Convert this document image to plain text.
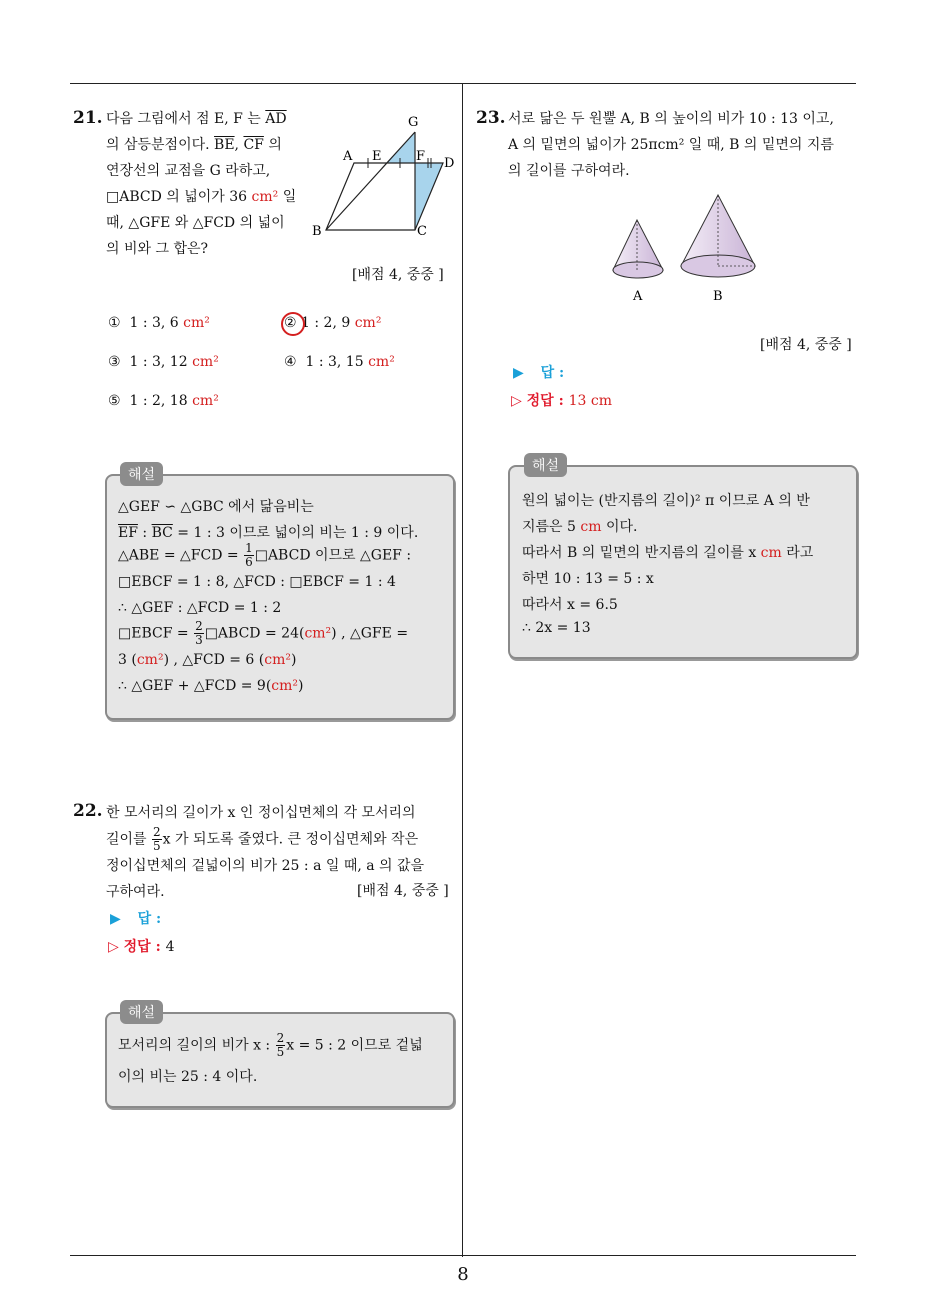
21. 다음 그림에서 점 E, F 는 $\overline{AD}$
의 삼등분점이다. $\overline{BE}$, $\overline{CF}$ 의
연장선의 교점을 G 라하고,
□ABCD 의 넓이가 36 cm² 일
때, △GFE 와 △FCD 의 넓이
의 비와 그 합은?
G
A E	F D
B	C
[배점 4, 중중 ]
① 1 : 3, 6 cm²	② 1 : 2, 9 cm²
③ 1 : 3, 12 cm²	④ 1 : 3, 15 cm²
⑤ 1 : 2, 18 cm²
해설
△GEF ∽ △GBC 에서 닮음비는
$\overline{EF}$ : $\overline{BC} = 1$ : 3 이므로 넓이의 비는 1 : 9 이다.
△ABE = △FCD = $\frac{1}{6}$ □ABCD 이므로 △GEF :
□EBCF = 1 : 8, △FCD : □EBCF = 1 : 4
∴ △GEF : △FCD = 1 : 2
□EBCF = $\frac{2}{3}$ □ABCD = 24(cm²) , △GFE =
3 (cm²) , △FCD = 6 (cm²)
∴ △GEF + △FCD = 9(cm²)
22. 한 모서리의 길이가 x 인 정이십면체의 각 모서리의
길이를 $\frac{2}{5}$ x 가 되도록 줄였다. 큰 정이십면체와 작은
정이십면체의 겉넓이의 비가 25 : a 일 때, a 의 값을
구하여라.	[배점 4, 중중 ]
▶ 답 :
▷ 정답 : 4
해설
모서리의 길이의 비가 x : $\frac{2}{5}$ x = 5 : 2 이므로 겉넓
이의 비는 25 : 4 이다.
23. 서로 닮은 두 원뿔 A, B 의 높이의 비가 10 : 13 이고,
A 의 밑면의 넓이가 25πcm² 일 때, B 의 밑면의 지름
의 길이를 구하여라.
A	B
[배점 4, 중중 ]
▶ 답 :
▷ 정답 : 13 cm
해설
원의 넓이는 (반지름의 길이)² π 이므로 A 의 반
지름은 5 cm 이다.
따라서 B 의 밑면의 반지름의 길이를 x cm 라고
하면 10 : 13 = 5 : x
따라서 x = 6.5
∴ 2x = 13
8
